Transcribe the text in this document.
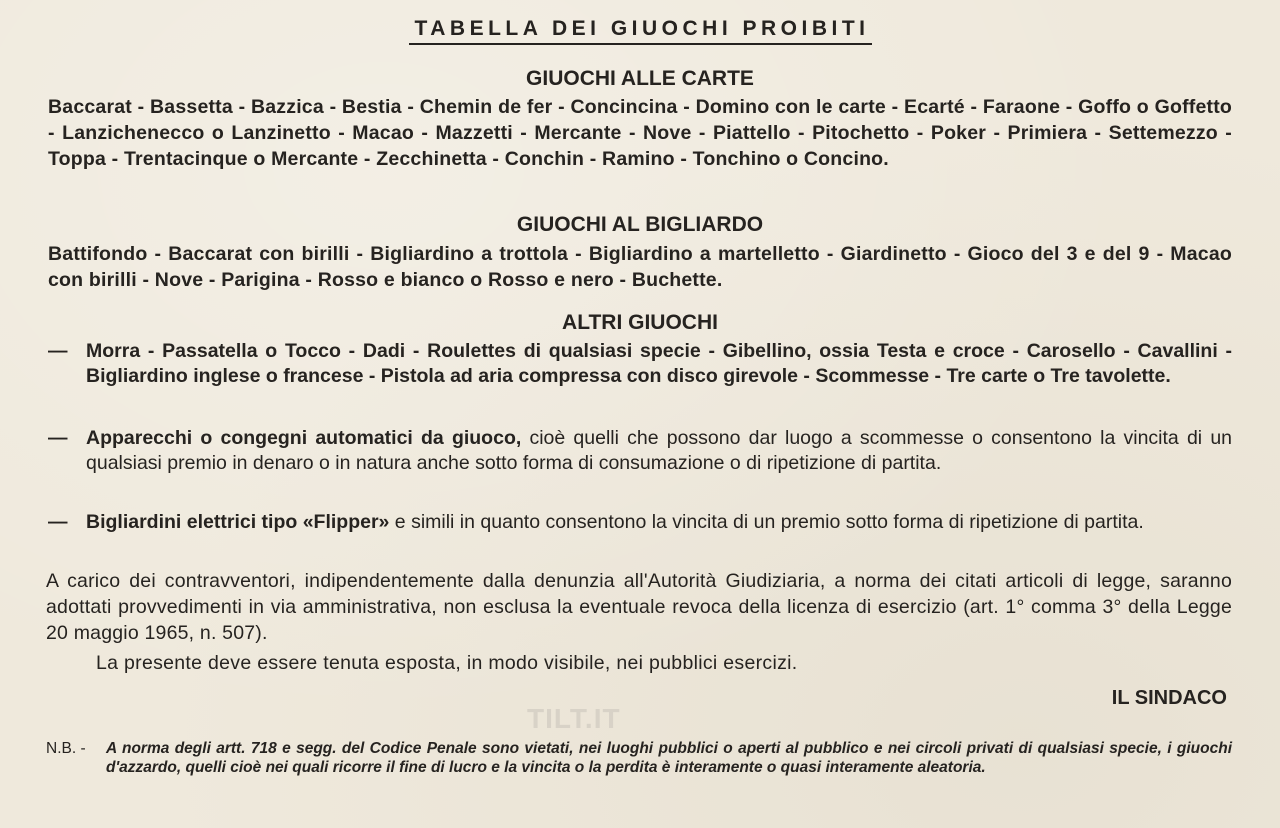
TABELLA DEI GIUOCHI PROIBITI
GIUOCHI ALLE CARTE
Baccarat - Bassetta - Bazzica - Bestia - Chemin de fer - Concincina - Domino con le carte - Ecarté - Faraone - Goffo o Goffetto - Lanzichenecco o Lanzinetto - Macao - Mazzetti - Mercante - Nove - Piattello - Pitochetto - Poker - Primiera - Settemezzo - Toppa - Trentacinque o Mercante - Zecchinetta - Conchin - Ramino - Tonchino o Concino.
GIUOCHI AL BIGLIARDO
Battifondo - Baccarat con birilli - Bigliardino a trottola - Bigliardino a martelletto - Giardinetto - Gioco del 3 e del 9 - Macao con birilli - Nove - Parigina - Rosso e bianco o Rosso e nero - Buchette.
ALTRI GIUOCHI
— Morra - Passatella o Tocco - Dadi - Roulettes di qualsiasi specie - Gibellino, ossia Testa e croce - Carosello - Cavallini - Bigliardino inglese o francese - Pistola ad aria compressa con disco girevole - Scommesse - Tre carte o Tre tavolette.
— Apparecchi o congegni automatici da giuoco, cioè quelli che possono dar luogo a scommesse o consentono la vincita di un qualsiasi premio in denaro o in natura anche sotto forma di consumazione o di ripetizione di partita.
— Bigliardini elettrici tipo «Flipper» e simili in quanto consentono la vincita di un premio sotto forma di ripetizione di partita.
A carico dei contravventori, indipendentemente dalla denunzia all'Autorità Giudiziaria, a norma dei citati articoli di legge, saranno adottati provvedimenti in via amministrativa, non esclusa la eventuale revoca della licenza di esercizio (art. 1° comma 3° della Legge 20 maggio 1965, n. 507).
La presente deve essere tenuta esposta, in modo visibile, nei pubblici esercizi.
IL SINDACO
TILT.IT
N.B. - A norma degli artt. 718 e segg. del Codice Penale sono vietati, nei luoghi pubblici o aperti al pubblico e nei circoli privati di qualsiasi specie, i giuochi d'azzardo, quelli cioè nei quali ricorre il fine di lucro e la vincita o la perdita è interamente o quasi interamente aleatoria.
